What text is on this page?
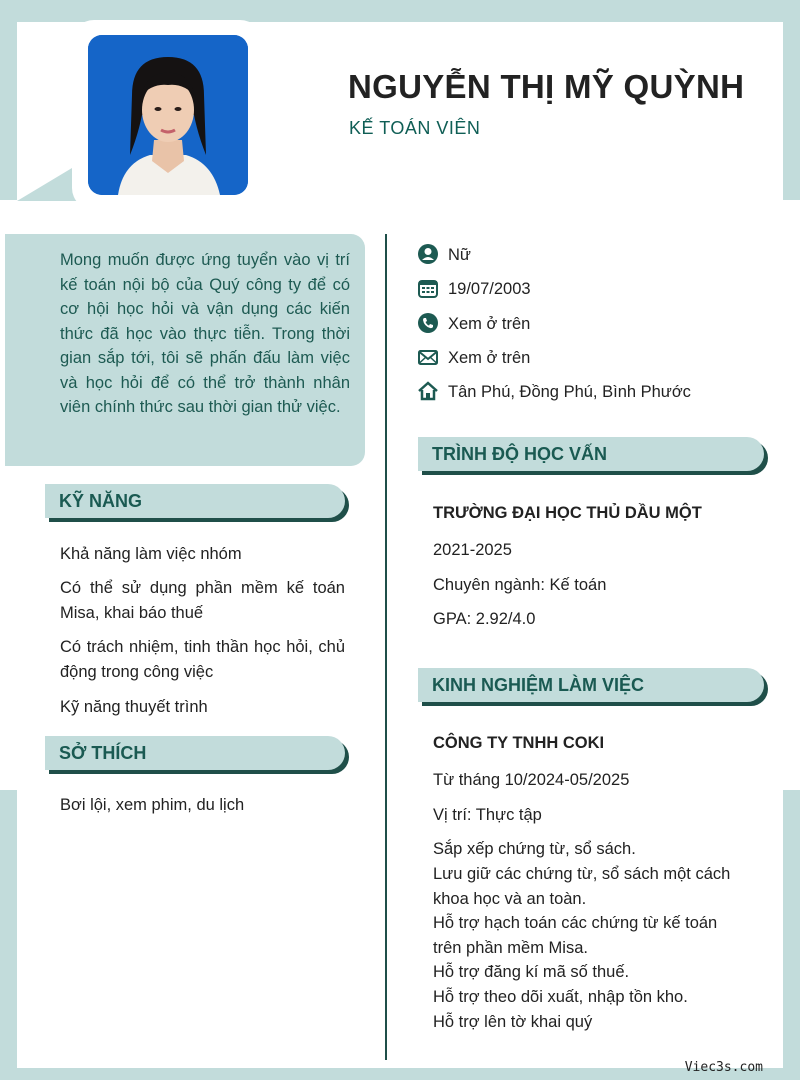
NGUYỄN THỊ MỸ QUỲNH
KẾ TOÁN VIÊN

Mong muốn được ứng tuyển vào vị trí kế toán nội bộ của Quý công ty để có cơ hội học hỏi và vận dụng các kiến thức đã học vào thực tiễn. Trong thời gian sắp tới, tôi sẽ phấn đấu làm việc và học hỏi để có thể trở thành nhân viên chính thức sau thời gian thử việc.

KỸ NĂNG
Khả năng làm việc nhóm
Có thể sử dụng phần mềm kế toán Misa, khai báo thuế
Có trách nhiệm, tinh thần học hỏi, chủ động trong công việc
Kỹ năng thuyết trình
SỞ THÍCH
Bơi lội, xem phim, du lịch
Nữ
19/07/2003
Xem ở trên
Xem ở trên
Tân Phú, Đồng Phú, Bình Phước
TRÌNH ĐỘ HỌC VẤN
TRƯỜNG ĐẠI HỌC THỦ DẦU MỘT
2021-2025
Chuyên ngành: Kế toán
GPA: 2.92/4.0
KINH NGHIỆM LÀM VIỆC
CÔNG TY TNHH COKI
Từ tháng 10/2024-05/2025
Vị trí: Thực tập
Sắp xếp chứng từ, sổ sách.
Lưu giữ các chứng từ, sổ sách một cách
khoa học và an toàn.
Hỗ trợ hạch toán các chứng từ kế toán
trên phần mềm Misa.
Hỗ trợ đăng kí mã số thuế.
Hỗ trợ theo dõi xuất, nhập tồn kho.
Hỗ trợ lên tờ khai quý
Viec3s.com
